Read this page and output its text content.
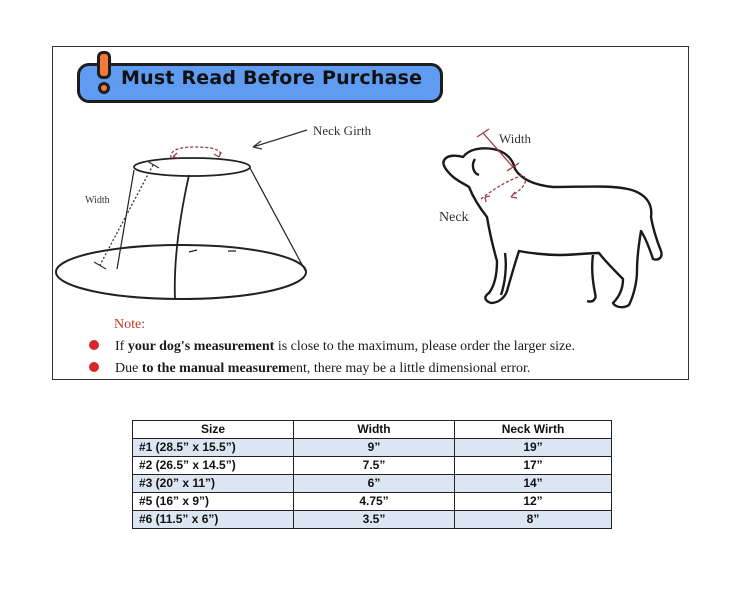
Must Read Before Purchase
Neck Girth
Width
Width
Neck
Note:
If your dog's measurement is close to the maximum, please order the larger size.
Due to the manual measurement, there may be a little dimensional error.
Size	Width	Neck Wirth
#1 (28.5” x 15.5”)	9”	19”
#2 (26.5” x 14.5”)	7.5”	17”
#3 (20” x 11”)	6”	14”
#5 (16” x 9”)	4.75”	12”
#6 (11.5” x 6”)	3.5”	8”
